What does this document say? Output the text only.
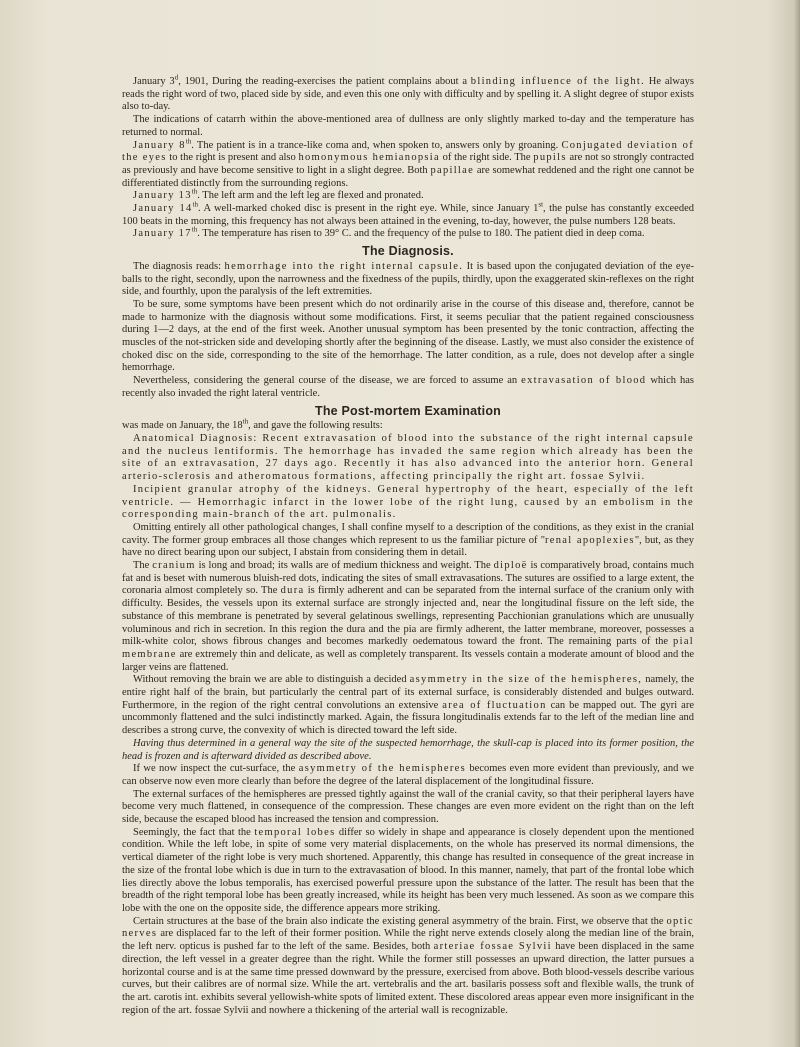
January 3$^d$, 1901, During the reading-exercises the patient complains about a blinding influence of the light. He always reads the right word of two, placed side by side, and even this one only with difficulty and by spelling it. A slight degree of stupor exists also to-day.

The indications of catarrh within the above-mentioned area of dullness are only slightly marked to-day and the temperature has returned to normal.

January 8th. The patient is in a trance-like coma and, when spoken to, answers only by groaning. Conjugated deviation of the eyes to the right is present and also homonymous hemianopsia of the right side. The pupils are not so strongly contracted as previously and have become sensitive to light in a slight degree. Both papillae are somewhat reddened and the right one cannot be differentiated distinctly from the surrounding regions.

January 13th. The left arm and the left leg are flexed and pronated.

January 14th. A well-marked choked disc is present in the right eye. While, since January 1st, the pulse has constantly exceeded 100 beats in the morning, this frequency has not always been attained in the evening, to-day, however, the pulse numbers 128 beats.

January 17th. The temperature has risen to 39° C. and the frequency of the pulse to 180. The patient died in deep coma.

The Diagnosis.

The diagnosis reads: hemorrhage into the right internal capsule. It is based upon the conjugated deviation of the eye-balls to the right, secondly, upon the narrowness and the fixedness of the pupils, thirdly, upon the exaggerated skin-reflexes on the right side, and fourthly, upon the paralysis of the left extremities.

To be sure, some symptoms have been present which do not ordinarily arise in the course of this disease and, therefore, cannot be made to harmonize with the diagnosis without some modifications. First, it seems peculiar that the patient regained consciousness during 1—2 days, at the end of the first week. Another unusual symptom has been presented by the tonic contraction, affecting the muscles of the not-stricken side and developing shortly after the beginning of the disease. Lastly, we must also consider the existence of choked disc on the side, corresponding to the site of the hemorrhage. The latter condition, as a rule, does not develop after a single hemorrhage.

Nevertheless, considering the general course of the disease, we are forced to assume an extravasation of blood which has recently also invaded the right lateral ventricle.

The Post-mortem Examination

was made on January, the 18th, and gave the following results:

Anatomical Diagnosis: Recent extravasation of blood into the substance of the right internal capsule and the nucleus lentiformis. The hemorrhage has invaded the same region which already has been the site of an extravasation, 27 days ago. Recently it has also advanced into the anterior horn. General arterio-sclerosis and atheromatous formations, affecting principally the right art. fossae Sylvii.

Incipient granular atrophy of the kidneys. General hypertrophy of the heart, especially of the left ventricle. — Hemorrhagic infarct in the lower lobe of the right lung, caused by an embolism in the corresponding main-branch of the art. pulmonalis.

Omitting entirely all other pathological changes, I shall confine myself to a description of the conditions, as they exist in the cranial cavity. The former group embraces all those changes which represent to us the familiar picture of "renal apoplexies", but, as they have no direct bearing upon our subject, I abstain from considering them in detail.

The cranium is long and broad; its walls are of medium thickness and weight. The diploë is comparatively broad, contains much fat and is beset with numerous bluish-red dots, indicating the sites of small extravasations. The sutures are ossified to a large extent, the coronaria almost completely so. The dura is firmly adherent and can be separated from the internal surface of the cranium only with difficulty. Besides, the vessels upon its external surface are strongly injected and, near the longitudinal fissure on the left side, the substance of this membrane is penetrated by several gelatinous swellings, representing Pacchionian granulations which are unusually voluminous and rich in secretion. In this region the dura and the pia are firmly adherent, the latter membrane, moreover, possesses a milk-white color, shows fibrous changes and becomes markedly oedematous toward the front. The remaining parts of the pial membrane are extremely thin and delicate, as well as completely transparent. Its vessels contain a moderate amount of blood and the larger veins are flattened.

Without removing the brain we are able to distinguish a decided asymmetry in the size of the hemispheres, namely, the entire right half of the brain, but particularly the central part of its external surface, is considerably distended and bulges outward. Furthermore, in the region of the right central convolutions an extensive area of fluctuation can be mapped out. The gyri are uncommonly flattened and the sulci indistinctly marked. Again, the fissura longitudinalis extends far to the left of the median line and describes a strong curve, the convexity of which is directed toward the left side.

Having thus determined in a general way the site of the suspected hemorrhage, the skull-cap is placed into its former position, the head is frozen and is afterward divided as described above.

If we now inspect the cut-surface, the asymmetry of the hemispheres becomes even more evident than previously, and we can observe now even more clearly than before the degree of the lateral displacement of the longitudinal fissure.

The external surfaces of the hemispheres are pressed tightly against the wall of the cranial cavity, so that their peripheral layers have become very much flattened, in consequence of the compression. These changes are even more evident on the right than on the left side, because the escaped blood has increased the tension and compression.

Seemingly, the fact that the temporal lobes differ so widely in shape and appearance is closely dependent upon the mentioned condition. While the left lobe, in spite of some very material displacements, on the whole has preserved its normal dimensions, the vertical diameter of the right lobe is very much shortened. Apparently, this change has resulted in consequence of the great increase in the size of the frontal lobe which is due in turn to the extravasation of blood. In this manner, namely, that part of the frontal lobe which lies directly above the lobus temporalis, has exercised powerful pressure upon the substance of the latter. The result has been that the breadth of the right temporal lobe has been greatly increased, while its height has been very much lessened. As soon as we compare this lobe with the one on the opposite side, the difference appears more striking.

Certain structures at the base of the brain also indicate the existing general asymmetry of the brain. First, we observe that the optic nerves are displaced far to the left of their former position. While the right nerve extends closely along the median line of the brain, the left nerv. opticus is pushed far to the left of the same. Besides, both arteriae fossae Sylvii have been displaced in the same direction, the left vessel in a greater degree than the right. While the former still possesses an upward direction, the latter pursues a horizontal course and is at the same time pressed downward by the pressure, exercised from above. Both blood-vessels describe various curves, but their calibres are of normal size. While the art. vertebralis and the art. basilaris possess soft and flexible walls, the trunk of the art. carotis int. exhibits several yellowish-white spots of limited extent. These discolored areas appear even more insignificant in the region of the art. fossae Sylvii and nowhere a thickening of the arterial wall is recognizable.
